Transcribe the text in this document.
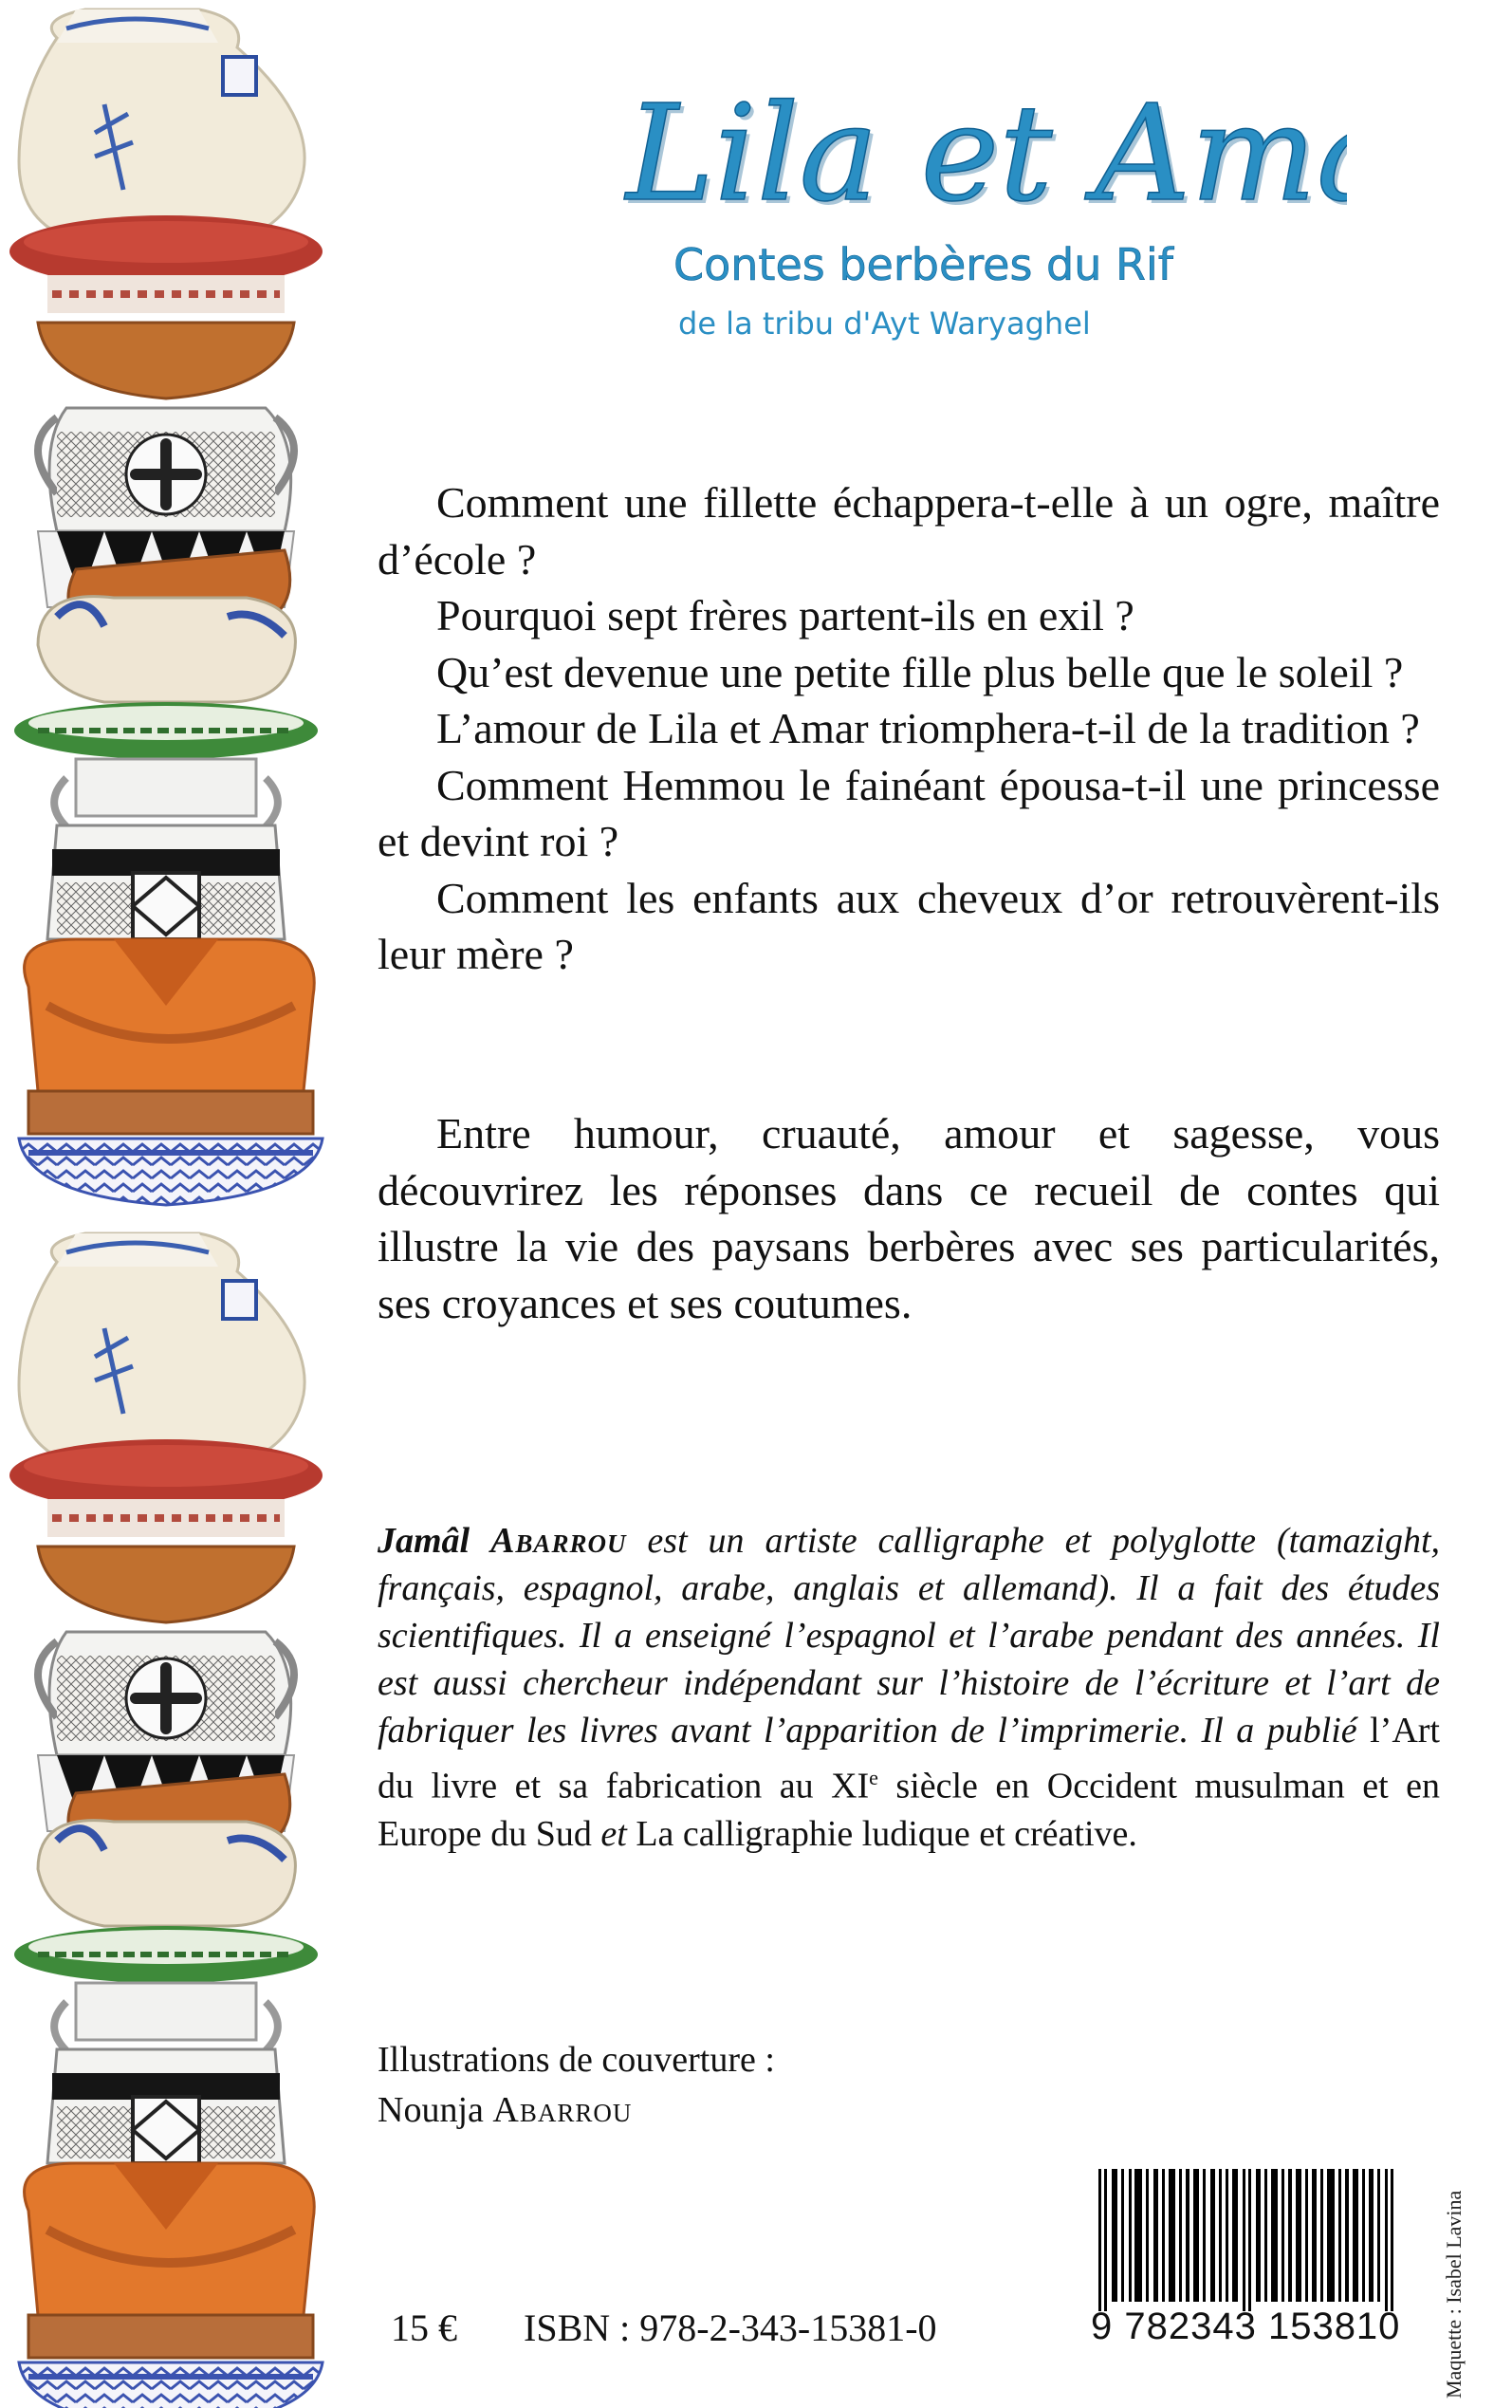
Lila et Am
Lila et Am
Contes berbères du Rif
de la tribu d'Ayt Waryaghel

Comment une fillette échappera-t-elle à un ogre, maître d’école ?

Pourquoi sept frères partent-ils en exil ?

Qu’est devenue une petite fille plus belle que le soleil ?

L’amour de Lila et Amar triomphera-t-il de la tradition ?

Comment Hemmou le fainéant épousa-t-il une princesse et devint roi ?

Comment les enfants aux cheveux d’or retrouvèrent-ils leur mère ?

Entre humour, cruauté, amour et sagesse, vous découvrirez les réponses dans ce recueil de contes qui illustre la vie des paysans berbères avec ses particularités, ses croyances et ses coutumes.

Jamâl Abarrou est un artiste calligraphe et polyglotte (tamazight, français, espagnol, arabe, anglais et allemand). Il a fait des études scientifiques. Il a enseigné l’espagnol et l’arabe pendant des années. Il est aussi chercheur indépendant sur l’histoire de l’écriture et l’art de fabriquer les livres avant l’apparition de l’imprimerie. Il a publié l’Art du livre et sa fabrication au XIe siècle en Occident musulman et en Europe du Sud et La calligraphie ludique et créative.

Illustrations de couverture :
Nounja Abarrou
15 € ISBN : 978-2-343-15381-0	9 782343 153810 Maquette : Isabel Lavina
